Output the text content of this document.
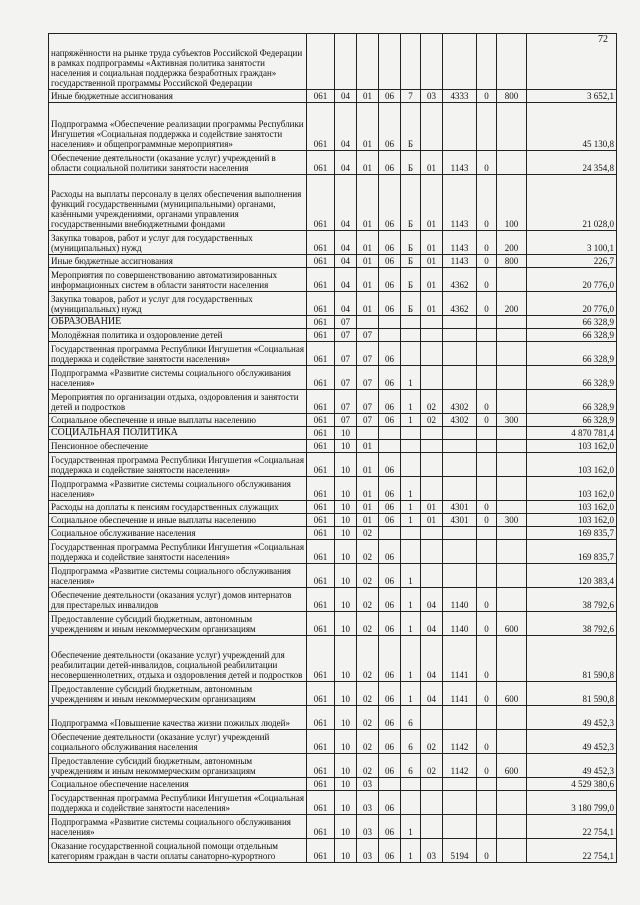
72
напряжённости на рынке труда субъектов Российской Федерации в рамках подпрограммы «Активная политика занятости населения и социальная поддержка безработных граждан» государственной программы Российской Федерации										
Иные бюджетные ассигнования	061	04	01	06	7	03	4333	0	800	3 652,1
Подпрограмма «Обеспечение реализации программы Республики Ингушетия «Социальная поддержка и содействие занятости населения» и общепрограммные мероприятия»	061	04	01	06	Б					45 130,8
Обеспечение деятельности (оказание услуг) учреждений в области социальной политики занятости населения	061	04	01	06	Б	01	1143	0		24 354,8
Расходы на выплаты персоналу в целях обеспечения выполнения функций государственными (муниципальными) органами, казёнными учреждениями, органами управления государственными внебюджетными фондами	061	04	01	06	Б	01	1143	0	100	21 028,0
Закупка товаров, работ и услуг для государственных (муниципальных) нужд	061	04	01	06	Б	01	1143	0	200	3 100,1
Иные бюджетные ассигнования	061	04	01	06	Б	01	1143	0	800	226,7
Мероприятия по совершенствованию автоматизированных информационных систем в области занятости населения	061	04	01	06	Б	01	4362	0		20 776,0
Закупка товаров, работ и услуг для государственных (муниципальных) нужд	061	04	01	06	Б	01	4362	0	200	20 776,0
ОБРАЗОВАНИЕ	061	07								66 328,9
Молодёжная политика и оздоровление детей	061	07	07							66 328,9
Государственная программа Республики Ингушетия «Социальная поддержка и содействие занятости населения»	061	07	07	06						66 328,9
Подпрограмма «Развитие системы социального обслуживания населения»	061	07	07	06	1					66 328,9
Мероприятия по организации отдыха, оздоровления и занятости детей и подростков	061	07	07	06	1	02	4302	0		66 328,9
Социальное обеспечение и иные выплаты населению	061	07	07	06	1	02	4302	0	300	66 328,9
СОЦИАЛЬНАЯ ПОЛИТИКА	061	10								4 870 781,4
Пенсионное обеспечение	061	10	01							103 162,0
Государственная программа Республики Ингушетия «Социальная поддержка и содействие занятости населения»	061	10	01	06						103 162,0
Подпрограмма «Развитие системы социального обслуживания населения»	061	10	01	06	1					103 162,0
Расходы на доплаты к пенсиям государственных служащих	061	10	01	06	1	01	4301	0		103 162,0
Социальное обеспечение и иные выплаты населению	061	10	01	06	1	01	4301	0	300	103 162,0
Социальное обслуживание населения	061	10	02							169 835,7
Государственная программа Республики Ингушетия «Социальная поддержка и содействие занятости населения»	061	10	02	06						169 835,7
Подпрограмма «Развитие системы социального обслуживания населения»	061	10	02	06	1					120 383,4
Обеспечение деятельности (оказания услуг) домов интернатов для престарелых инвалидов	061	10	02	06	1	04	1140	0		38 792,6
Предоставление субсидий бюджетным, автономным учреждениям и иным некоммерческим организациям	061	10	02	06	1	04	1140	0	600	38 792,6
Обеспечение деятельности (оказание услуг) учреждений для реабилитации детей-инвалидов, социальной реабилитации несовершеннолетних, отдыха и оздоровления детей и подростков	061	10	02	06	1	04	1141	0		81 590,8
Предоставление субсидий бюджетным, автономным учреждениям и иным некоммерческим организациям	061	10	02	06	1	04	1141	0	600	81 590,8
Подпрограмма «Повышение качества жизни пожилых людей»	061	10	02	06	6					49 452,3
Обеспечение деятельности (оказание услуг) учреждений социального обслуживания населения	061	10	02	06	6	02	1142	0		49 452,3
Предоставление субсидий бюджетным, автономным учреждениям и иным некоммерческим организациям	061	10	02	06	6	02	1142	0	600	49 452,3
Социальное обеспечение населения	061	10	03							4 529 380,6
Государственная программа Республики Ингушетия «Социальная поддержка и содействие занятости населения»	061	10	03	06						3 180 799,0
Подпрограмма «Развитие системы социального обслуживания населения»	061	10	03	06	1					22 754,1
Оказание государственной социальной помощи отдельным категориям граждан в части оплаты санаторно-курортного	061	10	03	06	1	03	5194	0		22 754,1
